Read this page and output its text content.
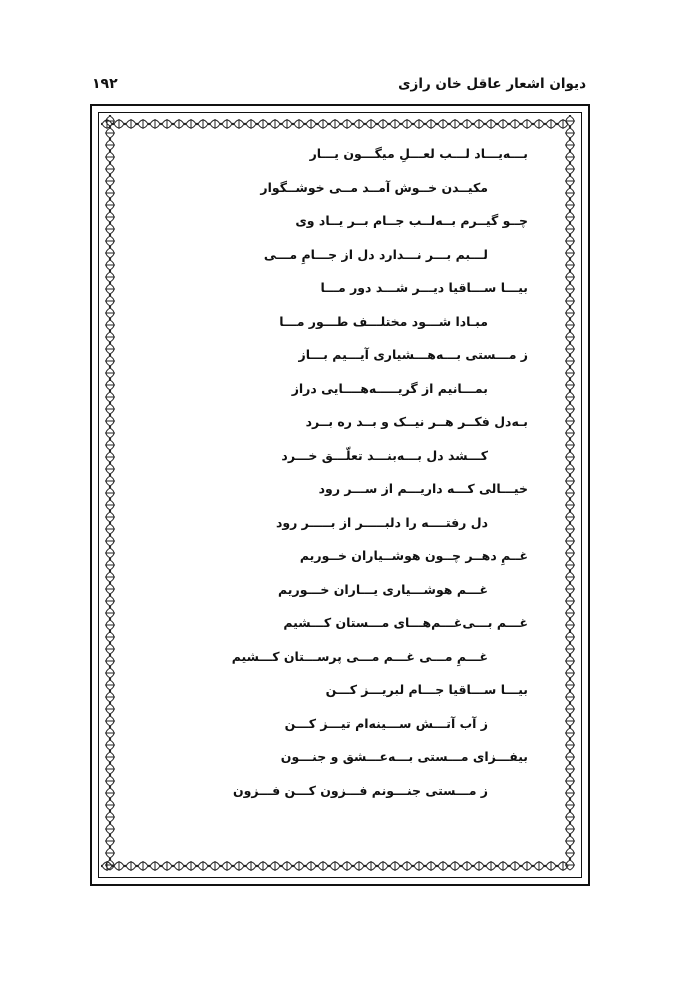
دیوان اشعار عاقل خان رازی
۱۹۲
بـــه‌یـــاد لـــب لعـــلِ میگـــون یـــار
مکیــدن خــوش آمــد مــی خوشــگوار
چــو گیــرم بــه‌لــب جــام بــر یــاد وی
لـــبم بـــر نـــدارد دل از جـــامِ مـــی
بیـــا ســـاقیا دیـــر شـــد دور مـــا
مبـادا شـــود مختلـــف طـــور مـــا
ز مـــستی بـــه‌هـــشیاری آیـــیم بـــاز
بمـــانیم از گریـــــه‌هــــایی دراز
بـه‌دل فکــر هــر نیــک و بــد ره بــرد
کـــشد دل بـــه‌بنـــد تعلّـــق خـــرد
خیـــالی کـــه داریـــم از ســـر رود
دل رفتــــه را دلبـــــر از بـــــر رود
غــمِ دهــر چــون هوشــیاران خــوریم
غـــم هوشـــیاری یـــاران خـــوریم
غـــم بـــی‌غـــم‌هـــای مـــستان کـــشیم
غـــمِ مـــی غـــم مـــی پرســـتان کـــشیم
بیـــا ســـاقیا جـــام لبریـــز کـــن
ز آب آتـــش ســـینه‌ام تیـــز کـــن
بیفـــزای مـــستی بـــه‌عـــشق و جنـــون
ز مـــستی جنـــونم فـــزون کـــن فـــزون
